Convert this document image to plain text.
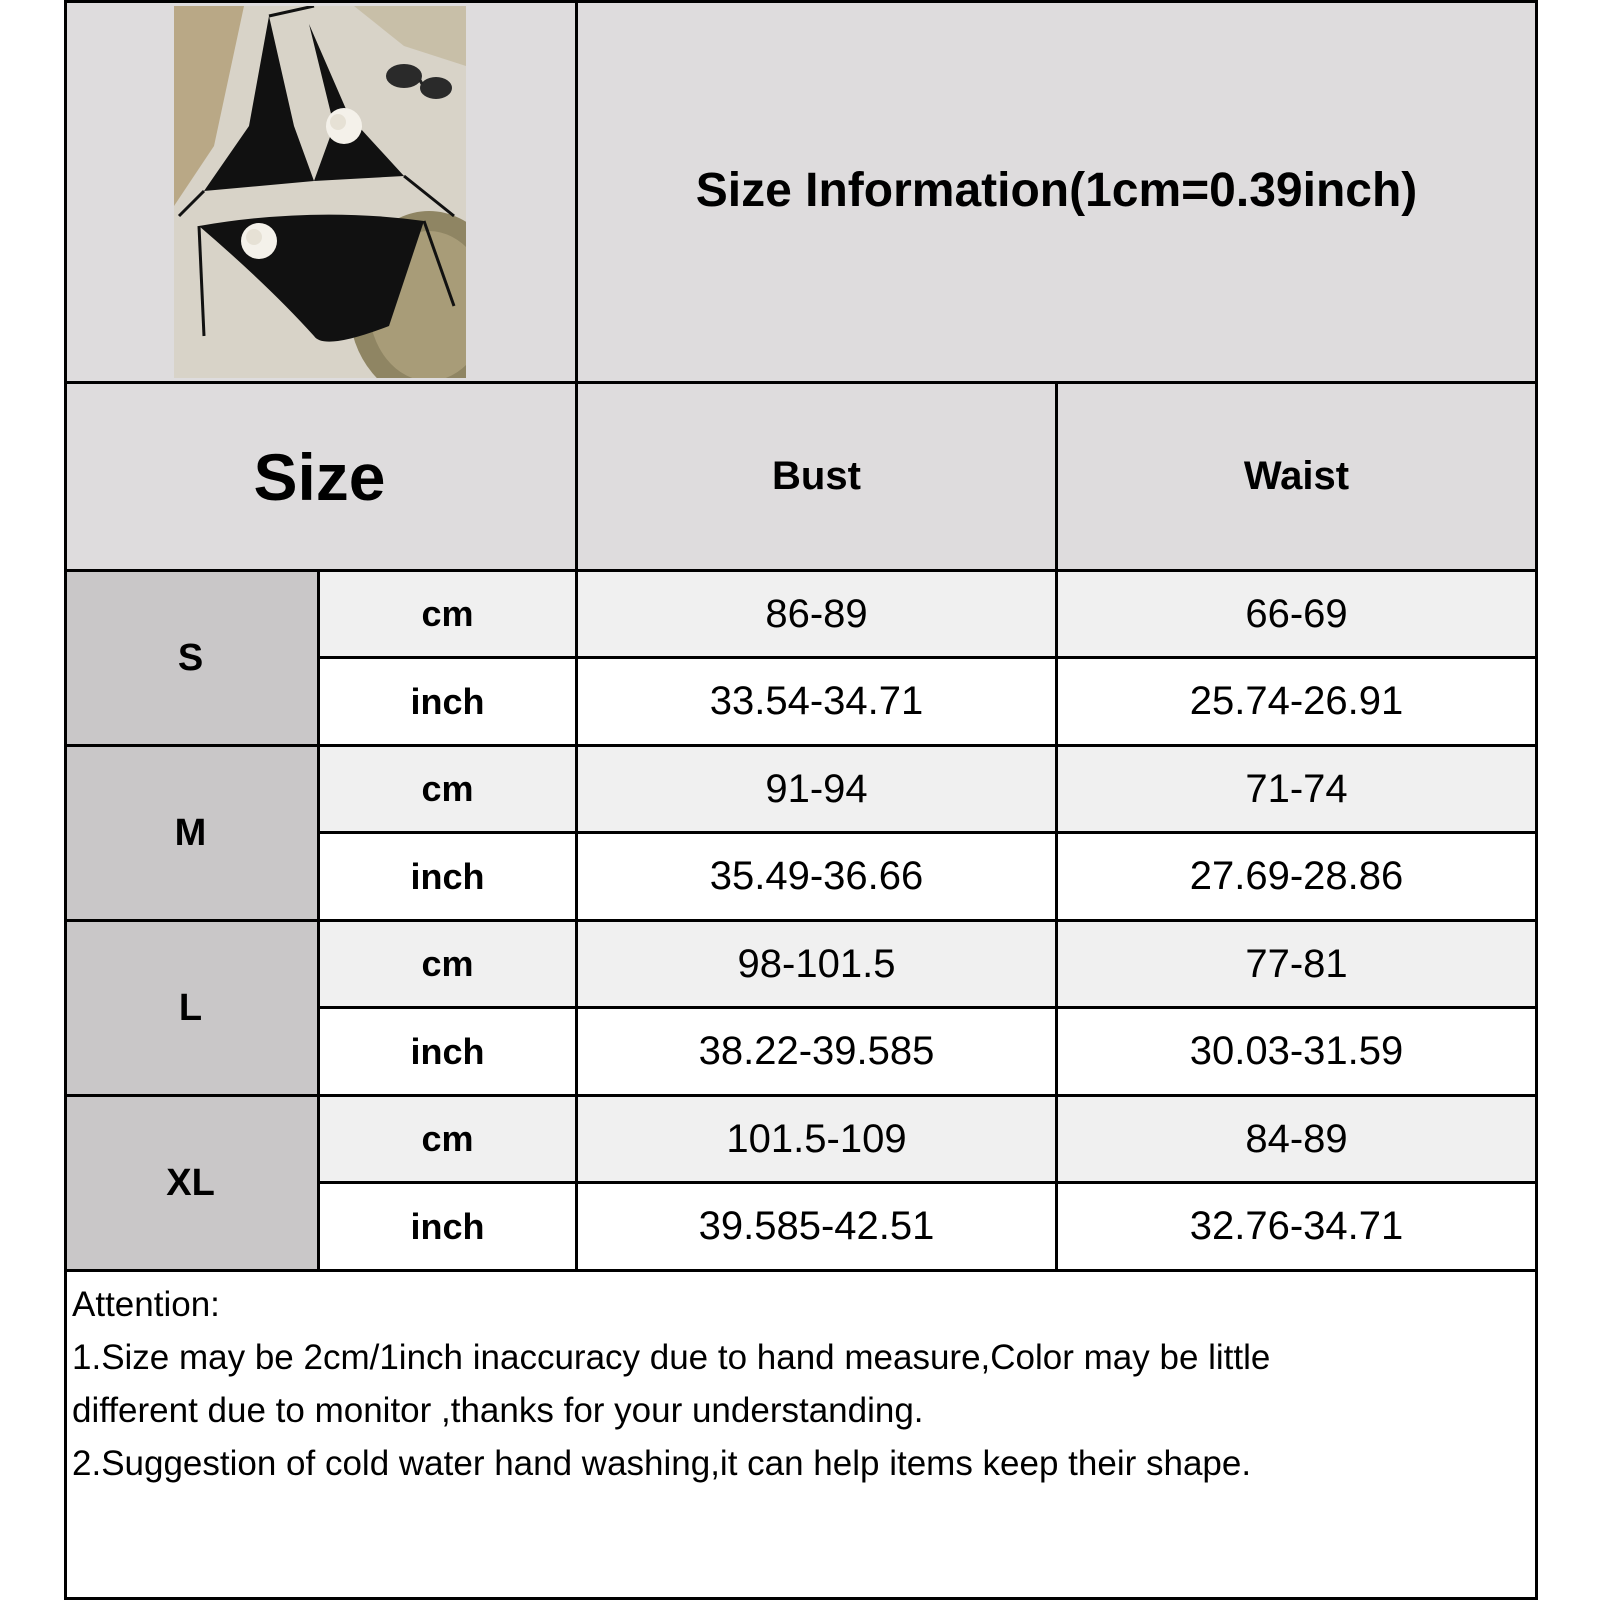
Size Information(1cm=0.39inch)
Size	Bust	Waist
S
cm	86-89	66-69
inch	33.54-34.71	25.74-26.91
M
cm	91-94	71-74
inch	35.49-36.66	27.69-28.86
L
cm	98-101.5	77-81
inch	38.22-39.585	30.03-31.59
XL
cm	101.5-109	84-89
inch	39.585-42.51	32.76-34.71
Attention:
1.Size may be 2cm/1inch inaccuracy due to hand measure,Color may be little
different due to monitor ,thanks for your understanding.
2.Suggestion of cold water hand washing,it can help items keep their shape.
